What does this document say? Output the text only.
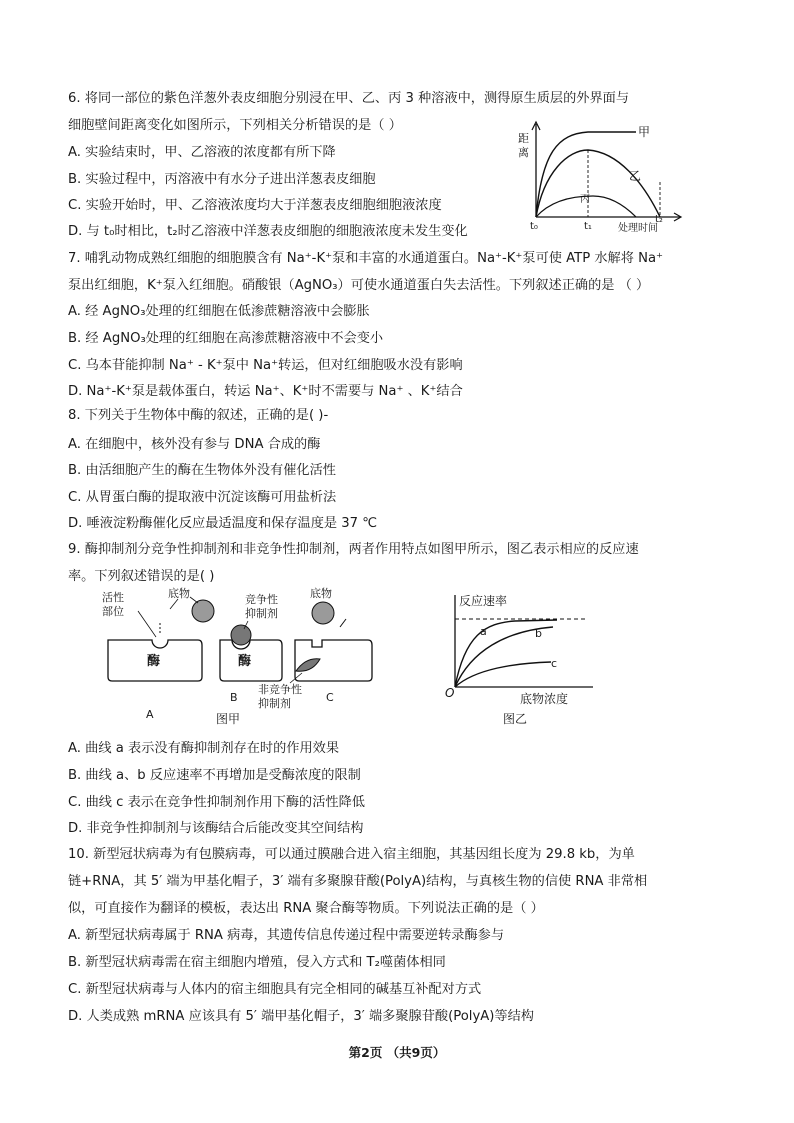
6. 将同一部位的紫色洋葱外表皮细胞分别浸在甲、乙、丙 3 种溶液中，测得原生质层的外界面与
细胞壁间距离变化如图所示，下列相关分析错误的是（ ）
A. 实验结束时，甲、乙溶液的浓度都有所下降
B. 实验过程中，丙溶液中有水分子进出洋葱表皮细胞
C. 实验开始时，甲、乙溶液浓度均大于洋葱表皮细胞细胞液浓度
D. 与 t₀时相比，t₂时乙溶液中洋葱表皮细胞的细胞液浓度未发生变化
距
离
甲
乙
丙
t₀	t₁
t₂
处理时间
7. 哺乳动物成熟红细胞的细胞膜含有 Na⁺-K⁺泵和丰富的水通道蛋白。Na⁺-K⁺泵可使 ATP 水解将 Na⁺
泵出红细胞，K⁺泵入红细胞。硝酸银（AgNO₃）可使水通道蛋白失去活性。下列叙述正确的是 （ ）
A. 经 AgNO₃处理的红细胞在低渗蔗糖溶液中会膨胀
B. 经 AgNO₃处理的红细胞在高渗蔗糖溶液中不会变小
C. 乌本苷能抑制 Na⁺ - K⁺泵中 Na⁺转运，但对红细胞吸水没有影响
D. Na⁺-K⁺泵是载体蛋白，转运 Na⁺、K⁺时不需要与 Na⁺ 、K⁺结合
8. 下列关于生物体中酶的叙述，正确的是( )-
A. 在细胞中，核外没有参与 DNA 合成的酶
B. 由活细胞产生的酶在生物体外没有催化活性
C. 从胃蛋白酶的提取液中沉淀该酶可用盐析法
D. 唾液淀粉酶催化反应最适温度和保存温度是 37 ℃
9. 酶抑制剂分竞争性抑制剂和非竞争性抑制剂，两者作用特点如图甲所示，图乙表示相应的反应速
率。下列叙述错误的是( )
酶
活性
部位
底物
A
酶
竞争性
抑制剂
B
底物
C
非竞争性
抑制剂
图甲
反应速率
底物浓度
O
a	b
c
图乙
A. 曲线 a 表示没有酶抑制剂存在时的作用效果
B. 曲线 a、b 反应速率不再增加是受酶浓度的限制
C. 曲线 c 表示在竞争性抑制剂作用下酶的活性降低
D. 非竞争性抑制剂与该酶结合后能改变其空间结构
10. 新型冠状病毒为有包膜病毒，可以通过膜融合进入宿主细胞，其基因组长度为 29.8 kb，为单
链+RNA，其 5′ 端为甲基化帽子，3′ 端有多聚腺苷酸(PolyA)结构，与真核生物的信使 RNA 非常相
似，可直接作为翻译的模板，表达出 RNA 聚合酶等物质。下列说法正确的是（ ）
A. 新型冠状病毒属于 RNA 病毒，其遗传信息传递过程中需要逆转录酶参与
B. 新型冠状病毒需在宿主细胞内增殖，侵入方式和 T₂噬菌体相同
C. 新型冠状病毒与人体内的宿主细胞具有完全相同的碱基互补配对方式
D. 人类成熟 mRNA 应该具有 5′ 端甲基化帽子，3′ 端多聚腺苷酸(PolyA)等结构
第2页 （共9页）
